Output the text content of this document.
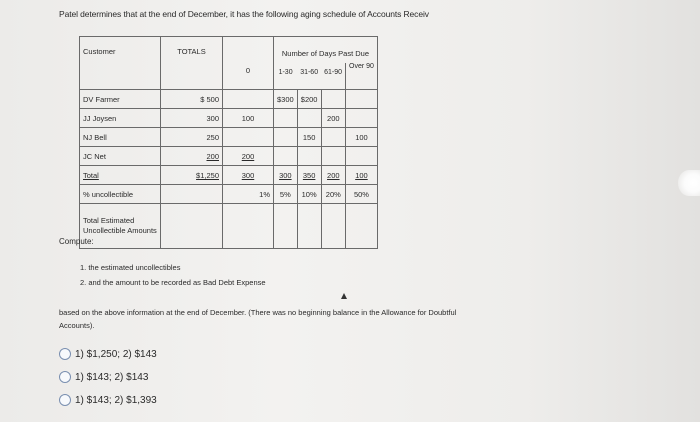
Patel determines that at the end of December, it has the following aging schedule of Accounts Receiv
Customer	TOTALS	0	Number of Days Past Due			
			1-30	31-60	61-90	Over 90

DV Farmer	$ 500		$300	$200		
JJ Joysen	300	100			200	
NJ Bell	250			150		100
JC Net	200	200				
Total	$1,250	300	300	350	200	100
% uncollectible		1%	5%	10%	20%	50%
Total Estimated Uncollectible Amounts						
Compute:
1. the estimated uncollectibles
2. and the amount to be recorded as Bad Debt Expense
based on the above information at the end of December. (There was no beginning balance in the Allowance for Doubtful Accounts).
1) $1,250; 2) $143
1) $143; 2) $143
1) $143; 2) $1,393
